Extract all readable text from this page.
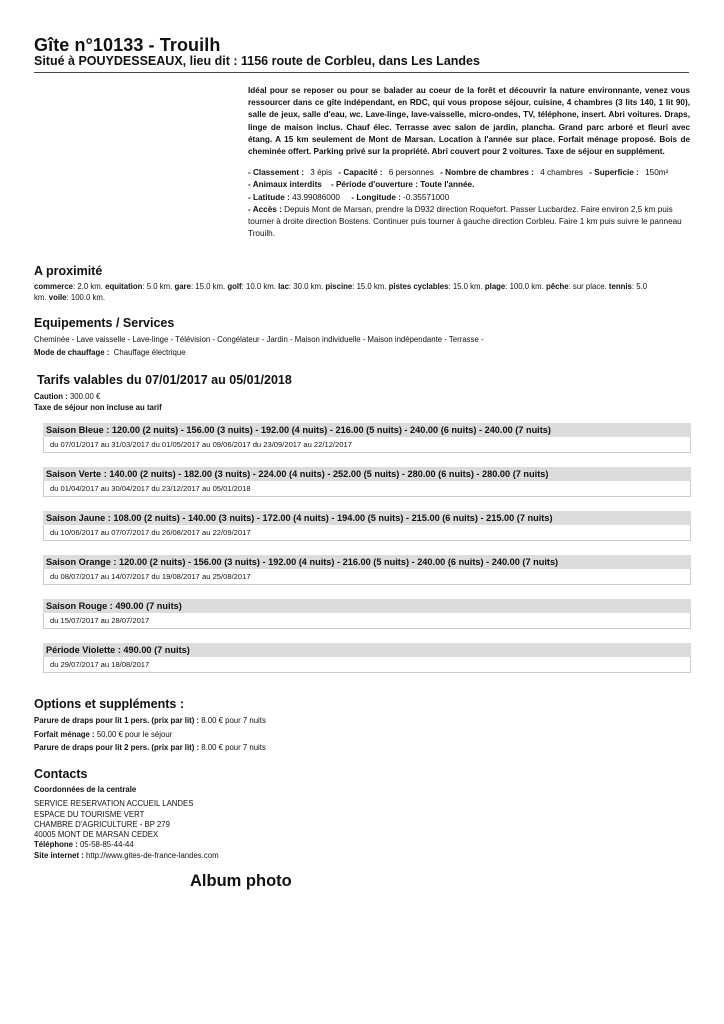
Gîte n°10133 - Trouilh
Situé à POUYDESSEAUX, lieu dit : 1156 route de Corbleu, dans Les Landes

Idéal pour se reposer ou pour se balader au coeur de la forêt et découvrir la nature environnante, venez vous ressourcer dans ce gîte indépendant, en RDC, qui vous propose séjour, cuisine, 4 chambres (3 lits 140, 1 lit 90), salle de jeux, salle d'eau, wc. Lave-linge, lave-vaisselle, micro-ondes, TV, téléphone, insert. Abri voitures. Draps, linge de maison inclus. Chauf élec. Terrasse avec salon de jardin, plancha. Grand parc arboré et fleuri avec étang. A 15 km seulement de Mont de Marsan. Location à l'année sur place. Forfait ménage proposé. Bois de cheminée offert. Parking privé sur la propriété. Abri couvert pour 2 voitures. Taxe de séjour en supplément.

- Classement : 3 épis - Capacité : 6 personnes - Nombre de chambres : 4 chambres - Superficie : 150m²
- Animaux interdits - Période d'ouverture : Toute l'année.
- Latitude : 43.99086000 - Longitude : -0.35571000
- Accès : Depuis Mont de Marsan, prendre la D932 direction Roquefort. Passer Lucbardez. Faire environ 2,5 km puis tourner à droite direction Bostens. Continuer puis tourner à gauche direction Corbleu. Faire 1 km puis suivre le panneau Trouilh.
A proximité
commerce: 2.0 km. equitation: 5.0 km. gare: 15.0 km. golf: 10.0 km. lac: 30.0 km. piscine: 15.0 km. pistes cyclables: 15.0 km. plage: 100.0 km. pêche: sur place. tennis: 5.0 km. voile: 100.0 km.
Equipements / Services
Cheminée - Lave vaisselle - Lave-linge - Télévision - Congélateur - Jardin - Maison individuelle - Maison indépendante - Terrasse -
Mode de chauffage : Chauffage électrique
Tarifs valables du 07/01/2017 au 05/01/2018
Caution : 300.00 €
Taxe de séjour non incluse au tarif
Saison Bleue : 120.00 (2 nuits) - 156.00 (3 nuits) - 192.00 (4 nuits) - 216.00 (5 nuits) - 240.00 (6 nuits) - 240.00 (7 nuits)
du 07/01/2017 au 31/03/2017 du 01/05/2017 au 09/06/2017 du 23/09/2017 au 22/12/2017
Saison Verte : 140.00 (2 nuits) - 182.00 (3 nuits) - 224.00 (4 nuits) - 252.00 (5 nuits) - 280.00 (6 nuits) - 280.00 (7 nuits)
du 01/04/2017 au 30/04/2017 du 23/12/2017 au 05/01/2018
Saison Jaune : 108.00 (2 nuits) - 140.00 (3 nuits) - 172.00 (4 nuits) - 194.00 (5 nuits) - 215.00 (6 nuits) - 215.00 (7 nuits)
du 10/06/2017 au 07/07/2017 du 26/08/2017 au 22/09/2017
Saison Orange : 120.00 (2 nuits) - 156.00 (3 nuits) - 192.00 (4 nuits) - 216.00 (5 nuits) - 240.00 (6 nuits) - 240.00 (7 nuits)
du 08/07/2017 au 14/07/2017 du 19/08/2017 au 25/08/2017
Saison Rouge : 490.00 (7 nuits)
du 15/07/2017 au 28/07/2017
Période Violette : 490.00 (7 nuits)
du 29/07/2017 au 18/08/2017
Options et suppléments :
Parure de draps pour lit 1 pers. (prix par lit) : 8.00 € pour 7 nuits
Forfait ménage : 50.00 € pour le séjour
Parure de draps pour lit 2 pers. (prix par lit) : 8.00 € pour 7 nuits
Contacts
Coordonnées de la centrale
SERVICE RESERVATION ACCUEIL LANDES
ESPACE DU TOURISME VERT
CHAMBRE D'AGRICULTURE - BP 279
40005 MONT DE MARSAN CEDEX
Téléphone : 05-58-85-44-44
Site internet : http://www.gites-de-france-landes.com
Album photo
